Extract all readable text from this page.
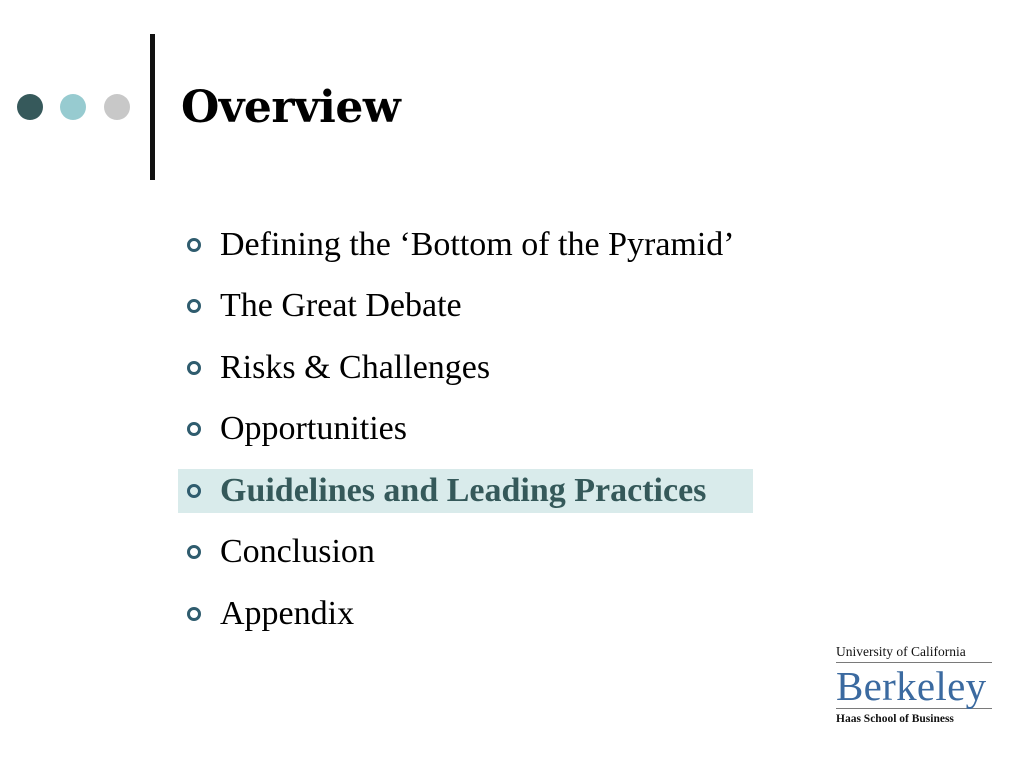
Overview
Defining the ‘Bottom of the Pyramid’
The Great Debate
Risks & Challenges
Opportunities
Guidelines and Leading Practices
Conclusion
Appendix
University of California
Berkeley
Haas School of Business
